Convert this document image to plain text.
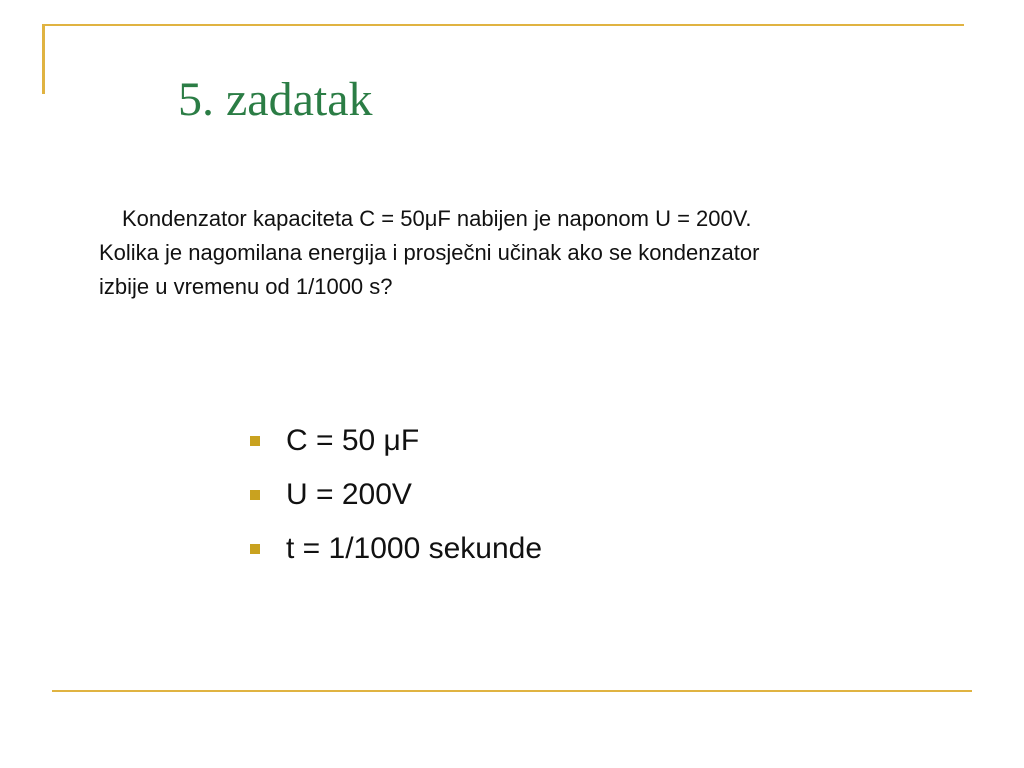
5. zadatak

Kondenzator kapaciteta C = 50μF nabijen je naponom U = 200V.
Kolika je nagomilana energija i prosječni učinak ako se kondenzator
izbije u vremenu od 1/1000 s?

C = 50 μF
U = 200V
t = 1/1000 sekunde
